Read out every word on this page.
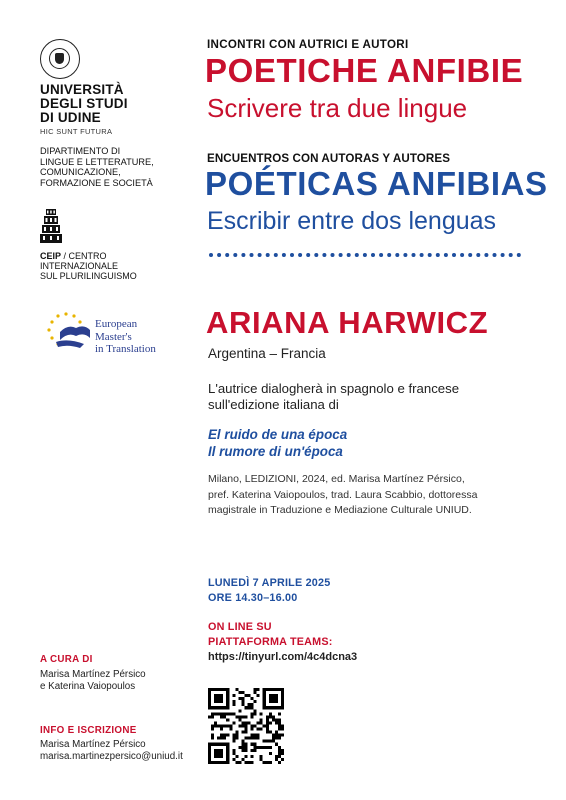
UNIVERSITÀ
DEGLI STUDI
DI UDINE
HIC SUNT FUTURA
DIPARTIMENTO DI
LINGUE E LETTERATURE,
COMUNICAZIONE,
FORMAZIONE E SOCIETÀ
CEIP / CENTRO
INTERNAZIONALE
SUL PLURILINGUISMO
European Master's
in Translation
A CURA DI
Marisa Martínez Pérsico
e Katerina Vaiopoulos
INFO E ISCRIZIONE
Marisa Martínez Pérsico
marisa.martinezpersico@uniud.it
INCONTRI CON AUTRICI E AUTORI
POETICHE ANFIBIE
Scrivere tra due lingue
ENCUENTROS CON AUTORAS Y AUTORES
POÉTICAS ANFIBIAS
Escribir entre dos lenguas
ARIANA HARWICZ
Argentina – Francia
L'autrice dialogherà in spagnolo e francese
sull'edizione italiana di
El ruido de una época
Il rumore di un'época
Milano, LEDIZIONI, 2024, ed. Marisa Martínez Pérsico,
pref. Katerina Vaiopoulos, trad. Laura Scabbio, dottoressa
magistrale in Traduzione e Mediazione Culturale UNIUD.
LUNEDÌ 7 APRILE 2025
ORE 14.30–16.00
ON LINE SU
PIATTAFORMA TEAMS:
https://tinyurl.com/4c4dcna3
